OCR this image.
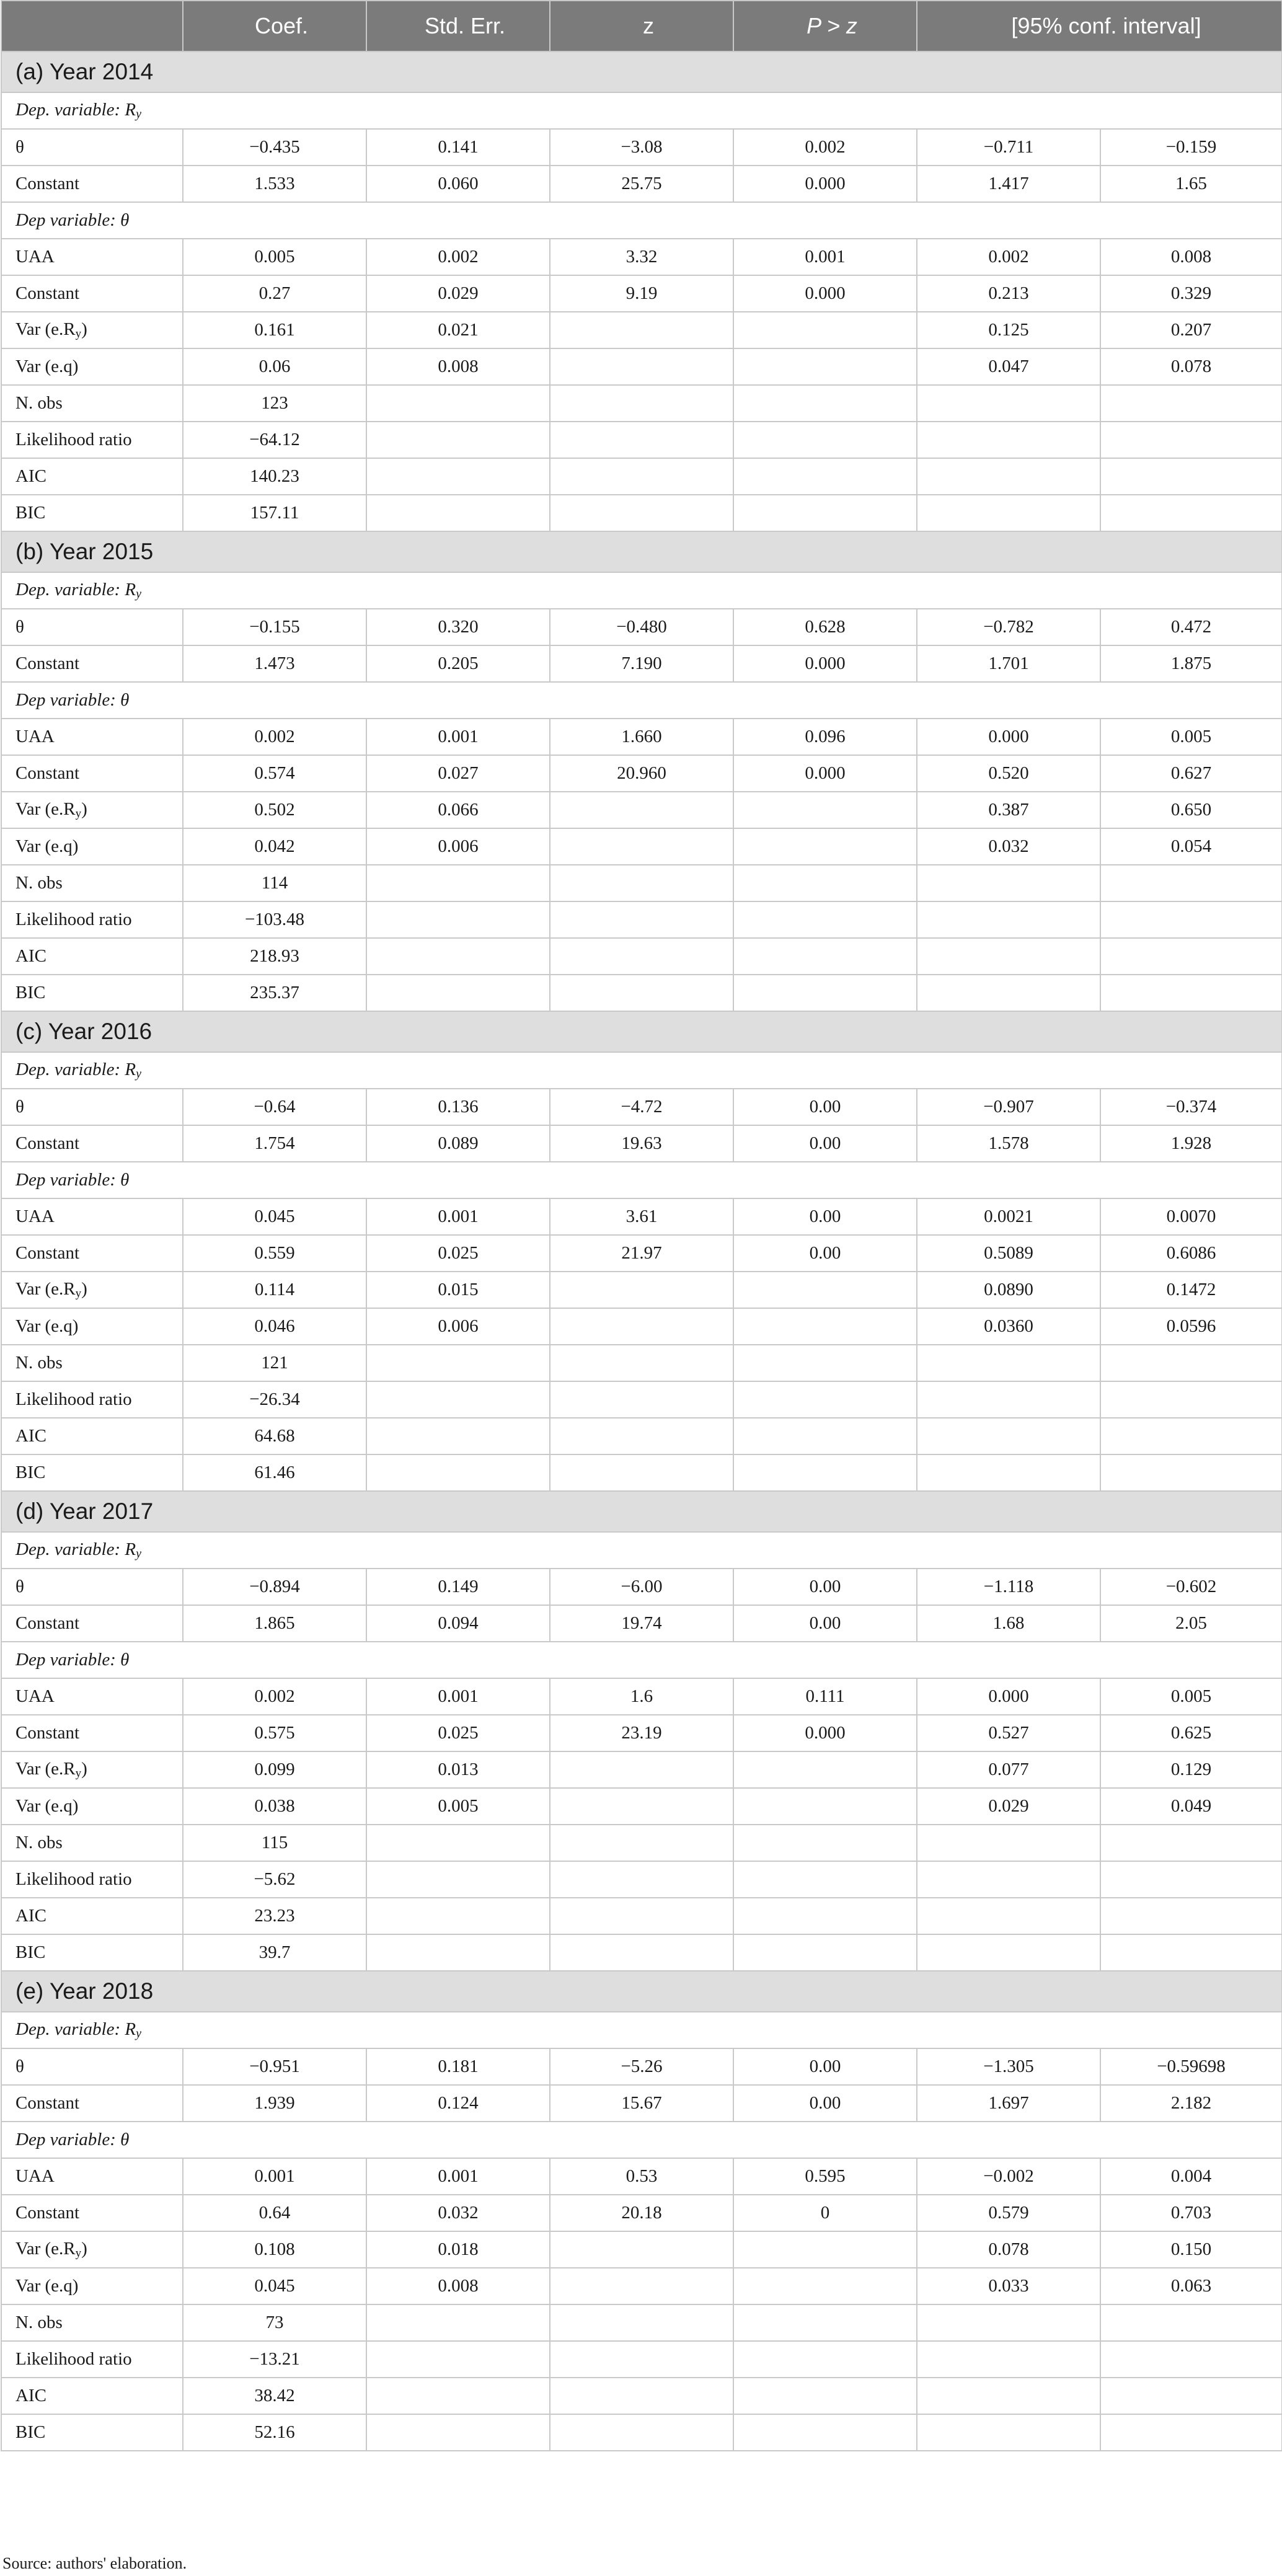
	Coef.	Std. Err.	z	P > z	[95% conf. interval]	
(a) Year 2014						
Dep. variable: $R_y$
θ	−0.435	0.141	−3.08	0.002	−0.711	−0.159
Constant	1.533	0.060	25.75	0.000	1.417	1.65
Dep variable: θ						
UAA	0.005	0.002	3.32	0.001	0.002	0.008
Constant	0.27	0.029	9.19	0.000	0.213	0.329
Var (e.Ry)	0.161	0.021			0.125	0.207
Var (e.q)	0.06	0.008			0.047	0.078
N. obs	123					
Likelihood ratio	−64.12					
AIC	140.23					
BIC	157.11					
(b) Year 2015						
Dep. variable: $R_y$
θ	−0.155	0.320	−0.480	0.628	−0.782	0.472
Constant	1.473	0.205	7.190	0.000	1.701	1.875
Dep variable: θ						
UAA	0.002	0.001	1.660	0.096	0.000	0.005
Constant	0.574	0.027	20.960	0.000	0.520	0.627
Var (e.Ry)	0.502	0.066			0.387	0.650
Var (e.q)	0.042	0.006			0.032	0.054
N. obs	114					
Likelihood ratio	−103.48					
AIC	218.93					
BIC	235.37					
(c) Year 2016						
Dep. variable: $R_y$
θ	−0.64	0.136	−4.72	0.00	−0.907	−0.374
Constant	1.754	0.089	19.63	0.00	1.578	1.928
Dep variable: θ						
UAA	0.045	0.001	3.61	0.00	0.0021	0.0070
Constant	0.559	0.025	21.97	0.00	0.5089	0.6086
Var (e.Ry)	0.114	0.015			0.0890	0.1472
Var (e.q)	0.046	0.006			0.0360	0.0596
N. obs	121					
Likelihood ratio	−26.34					
AIC	64.68					
BIC	61.46					
(d) Year 2017						
Dep. variable: $R_y$
θ	−0.894	0.149	−6.00	0.00	−1.118	−0.602
Constant	1.865	0.094	19.74	0.00	1.68	2.05
Dep variable: θ						
UAA	0.002	0.001	1.6	0.111	0.000	0.005
Constant	0.575	0.025	23.19	0.000	0.527	0.625
Var (e.Ry)	0.099	0.013			0.077	0.129
Var (e.q)	0.038	0.005			0.029	0.049
N. obs	115					
Likelihood ratio	−5.62					
AIC	23.23					
BIC	39.7					
(e) Year 2018						
Dep. variable: $R_y$
θ	−0.951	0.181	−5.26	0.00	−1.305	−0.59698
Constant	1.939	0.124	15.67	0.00	1.697	2.182
Dep variable: θ						
UAA	0.001	0.001	0.53	0.595	−0.002	0.004
Constant	0.64	0.032	20.18	0	0.579	0.703
Var (e.Ry)	0.108	0.018			0.078	0.150
Var (e.q)	0.045	0.008			0.033	0.063
N. obs	73					
Likelihood ratio	−13.21					
AIC	38.42					
BIC	52.16					
Source: authors' elaboration.
